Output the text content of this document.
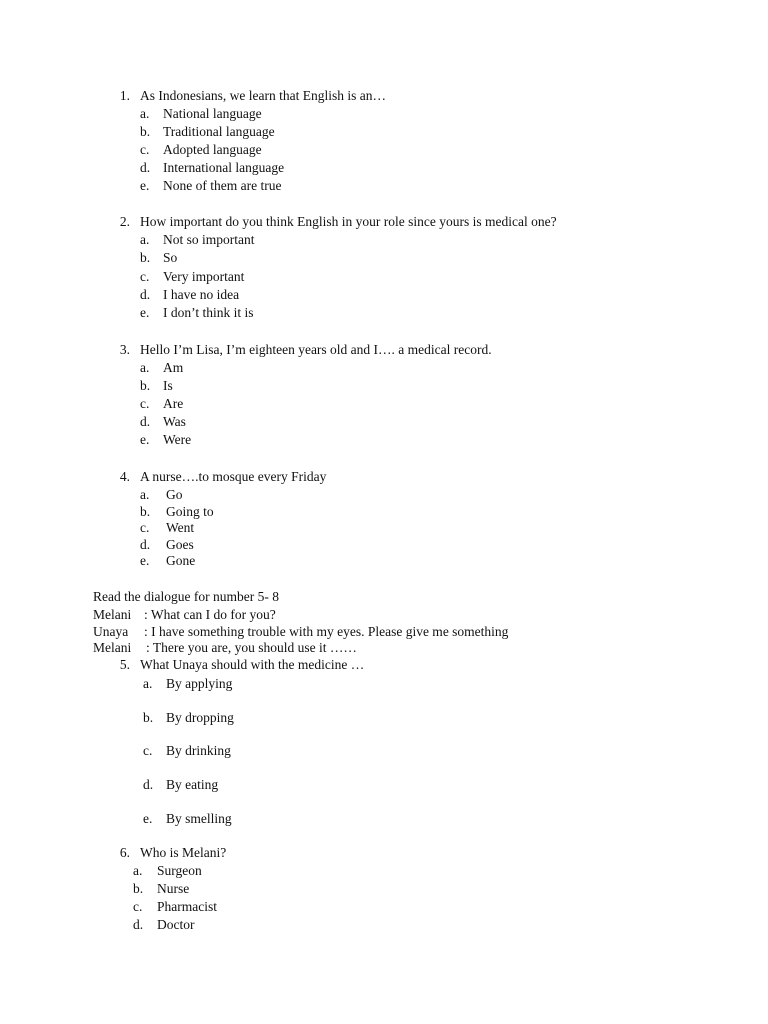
1. As Indonesians, we learn that English is an…
a. National language
b. Traditional language
c. Adopted language
d. International language
e. None of them are true
2. How important do you think English in your role since yours is medical one?
a. Not so important
b. So
c. Very important
d. I have no idea
e. I don’t think it is
3. Hello I’m Lisa, I’m eighteen years old and I…. a medical record.
a. Am
b. Is
c. Are
d. Was
e. Were
4. A nurse….to mosque every Friday
a. Go
b. Going to
c. Went
d. Goes
e. Gone
Read the dialogue for number 5- 8
Melani : What can I do for you?
Unaya : I have something trouble with my eyes. Please give me something
Melani : There you are, you should use it ……
5. What Unaya should with the medicine …
a. By applying
b. By dropping
c. By drinking
d. By eating
e. By smelling
6. Who is Melani?
a. Surgeon
b. Nurse
c. Pharmacist
d. Doctor
